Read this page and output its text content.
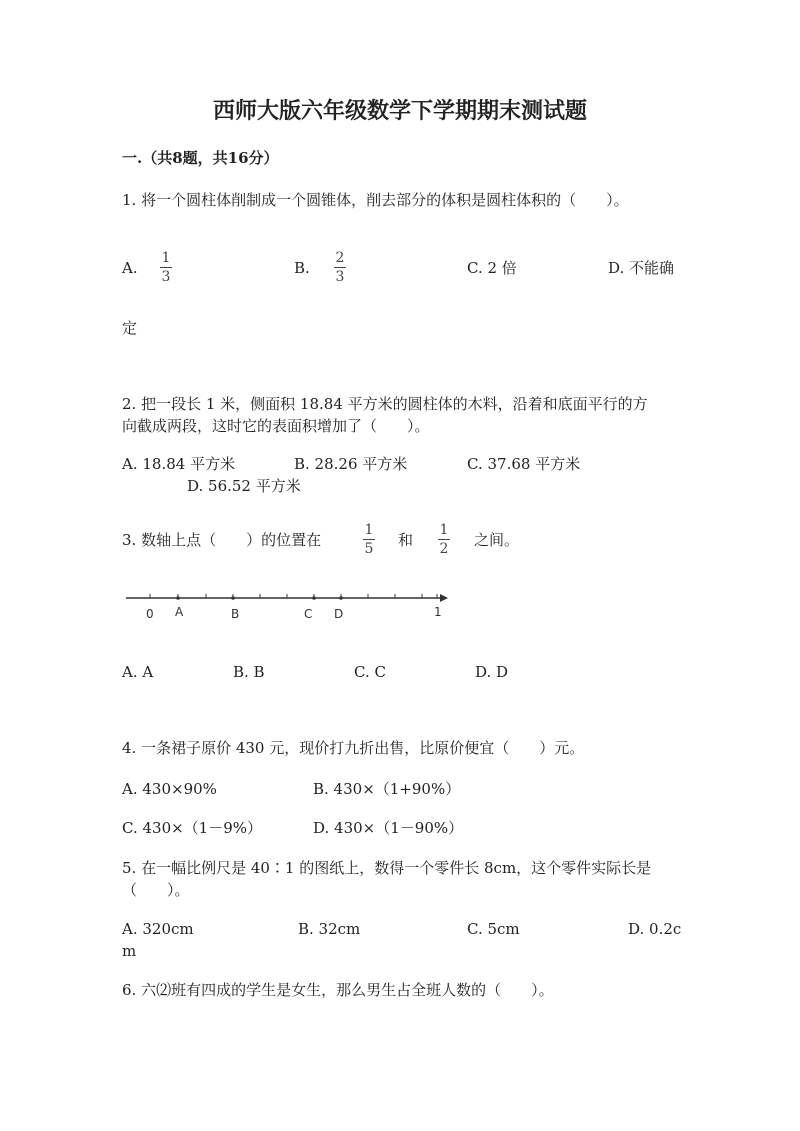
西师大版六年级数学下学期期末测试题
一.（共8题，共16分）
1. 将一个圆柱体削制成一个圆锥体，削去部分的体积是圆柱体积的（　　）。
A.
1
3	B.
2
3	C. 2 倍	D. 不能确
定
2. 把一段长 1 米，侧面积 18.84 平方米的圆柱体的木料，沿着和底面平行的方
向截成两段，这时它的表面积增加了（　　）。
A. 18.84 平方米	B. 28.26 平方米	C. 37.68 平方米
D. 56.52 平方米
3. 数轴上点（　　）的位置在
1
5 和
1
2 之间。
0 A	B	C D	1
A. A	B. B	C. C	D. D
4. 一条裙子原价 430 元，现价打九折出售，比原价便宜（　　）元。
A. 430×90%	B. 430×（1+90%）
C. 430×（1－9%）	D. 430×（1－90%）
5. 在一幅比例尺是 40∶1 的图纸上，数得一个零件长 8cm，这个零件实际长是
（　　）。
A. 320cm	B. 32cm	C. 5cm	D. 0.2c
m
6. 六⑵班有四成的学生是女生，那么男生占全班人数的（　　）。
